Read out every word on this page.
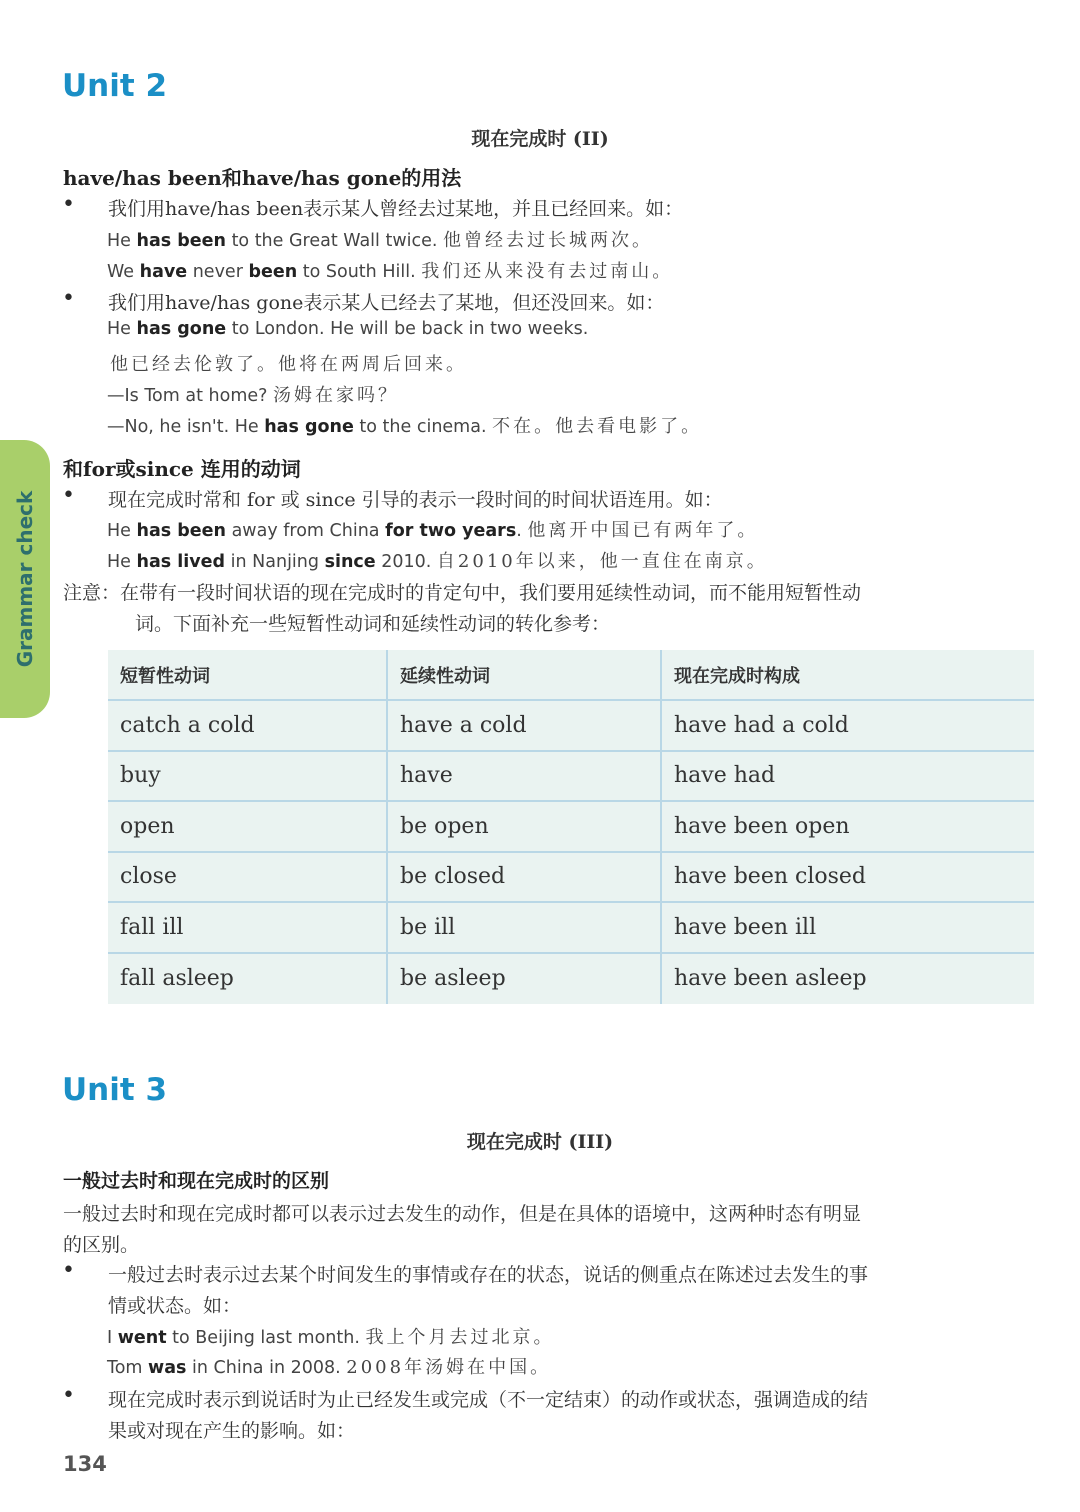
Grammar check
Unit 2
现在完成时 (II)
have/has been和have/has gone的用法
• 我们用have/has been表示某人曾经去过某地，并且已经回来。如：
He has been to the Great Wall twice. 他曾经去过长城两次。
We have never been to South Hill. 我们还从来没有去过南山。
• 我们用have/has gone表示某人已经去了某地，但还没回来。如：
He has gone to London. He will be back in two weeks.
他已经去伦敦了。他将在两周后回来。
—Is Tom at home? 汤姆在家吗？
—No, he isn't. He has gone to the cinema. 不在。他去看电影了。
和for或since 连用的动词
• 现在完成时常和 for 或 since 引导的表示一段时间的时间状语连用。如：
He has been away from China for two years. 他离开中国已有两年了。
He has lived in Nanjing since 2010. 自2010年以来，他一直住在南京。
注意：在带有一段时间状语的现在完成时的肯定句中，我们要用延续性动词，而不能用短暂性动
词。下面补充一些短暂性动词和延续性动词的转化参考：
短暂性动词	延续性动词	现在完成时构成
catch a cold	have a cold	have had a cold
buy	have	have had
open	be open	have been open
close	be closed	have been closed
fall ill	be ill	have been ill
fall asleep	be asleep	have been asleep
Unit 3
现在完成时 (III)
一般过去时和现在完成时的区别
一般过去时和现在完成时都可以表示过去发生的动作，但是在具体的语境中，这两种时态有明显
的区别。
• 一般过去时表示过去某个时间发生的事情或存在的状态，说话的侧重点在陈述过去发生的事
情或状态。如：
I went to Beijing last month. 我上个月去过北京。
Tom was in China in 2008. 2008年汤姆在中国。
• 现在完成时表示到说话时为止已经发生或完成（不一定结束）的动作或状态，强调造成的结
果或对现在产生的影响。如：
134
